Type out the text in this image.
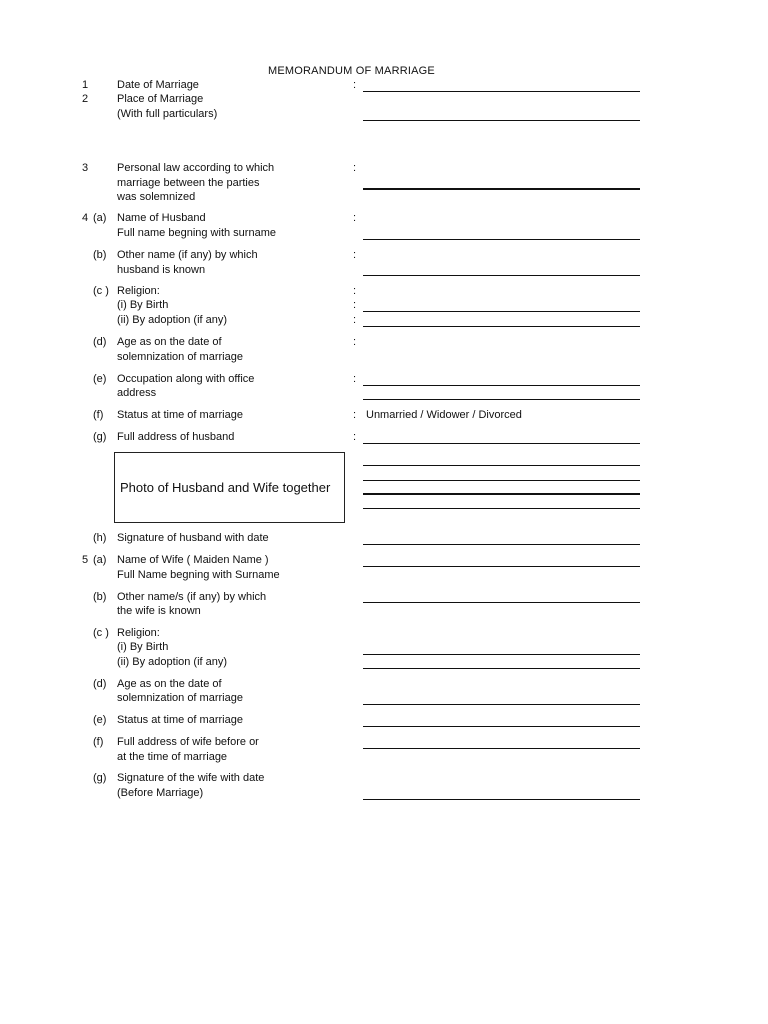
MEMORANDUM OF MARRIAGE
1	Date of Marriage	:
2	Place of Marriage
(With full particulars)
3	Personal law according to which
marriage between the parties
was solemnized
:
4 (a) Name of Husband
Full name begning with surname
:
(b) Other name (if any) by which
husband is known
:
(c ) Religion:
(i) By Birth
(ii) By adoption (if any)
:
:
:
(d) Age as on the date of
solemnization of marriage
:
(e) Occupation along with office
address
:
(f) Status at time of marriage	: Unmarried / Widower / Divorced
(g) Full address of husband	:
Photo of Husband and Wife together
(h) Signature of husband with date
5 (a) Name of Wife ( Maiden Name )
Full Name begning with Surname
(b) Other name/s (if any) by which
the wife is known
(c ) Religion:
(i) By Birth
(ii) By adoption (if any)
(d) Age as on the date of
solemnization of marriage
(e) Status at time of marriage
(f) Full address of wife before or
at the time of marriage
(g) Signature of the wife with date
(Before Marriage)
